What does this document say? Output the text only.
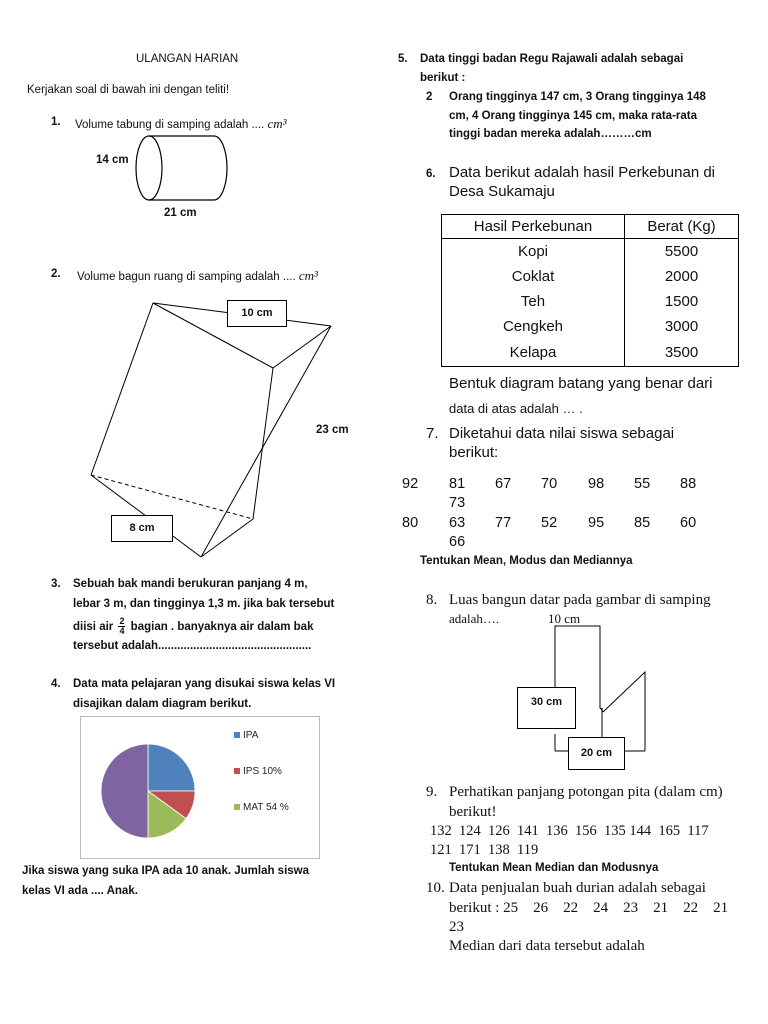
ULANGAN HARIAN
Kerjakan soal di bawah ini dengan teliti!
1. Volume tabung di samping adalah .... cm³
14 cm
21 cm
2. Volume bagun ruang di samping adalah .... cm³
10 cm
23 cm
8 cm
3. Sebuah bak mandi berukuran panjang 4 m,
lebar 3 m, dan tingginya 1,3 m. jika bak tersebut
diisi air $\frac{2}{4}$ bagian . banyaknya air dalam bak
tersebut adalah................................................
4. Data mata pelajaran yang disukai siswa kelas VI
disajikan dalam diagram berikut.
IPA
IPS 10%
MAT 54 %
Jika siswa yang suka IPA ada 10 anak. Jumlah siswa
kelas VI ada .... Anak.
5. Data tinggi badan Regu Rajawali adalah sebagai
berikut :
2 Orang tingginya 147 cm, 3 Orang tingginya 148
cm, 4 Orang tingginya 145 cm, maka rata-rata
tinggi badan mereka adalah………cm
6. Data berikut adalah hasil Perkebunan di
Desa Sukamaju
Hasil Perkebunan	Berat (Kg)
Kopi	5500
Coklat	2000
Teh	1500
Cengkeh	3000
Kelapa	3500
Bentuk diagram batang yang benar dari
data di atas adalah … .
7. Diketahui data nilai siswa sebagai
berikut:
92 81 67 70 98 55 88
73
80 63 77 52 95 85 60
66
Tentukan Mean, Modus dan Mediannya
8. Luas bangun datar pada gambar di samping
adalah….	10 cm
30 cm
20 cm
9. Perhatikan panjang potongan pita (dalam cm)
berikut!
132  124  126  141  136  156  135 144  165  117
121  171  138  119
Tentukan Mean Median dan Modusnya
10. Data penjualan buah durian adalah sebagai
berikut : 25    26    22    24    23    21    22    21
23
Median dari data tersebut adalah
